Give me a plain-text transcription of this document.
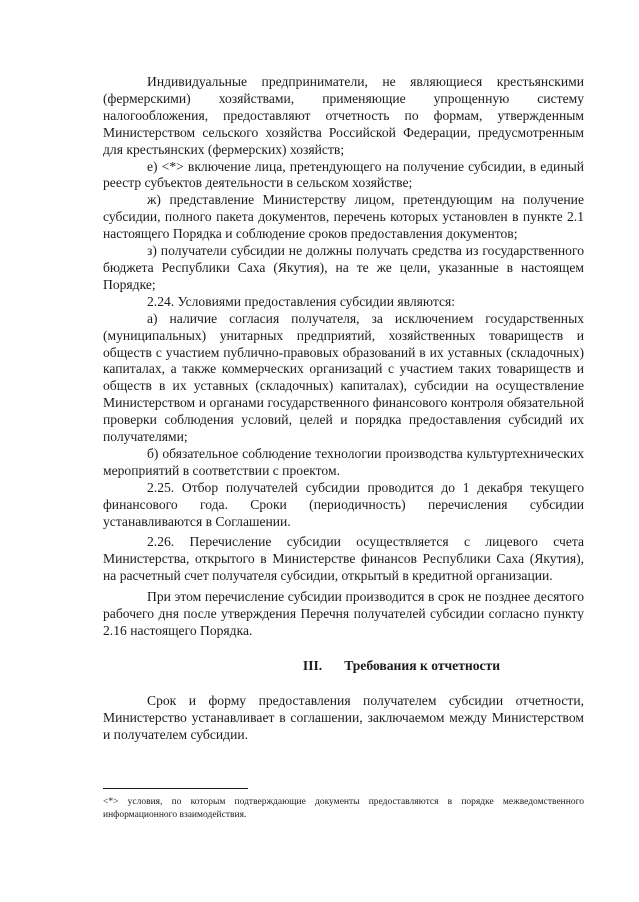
Индивидуальные предприниматели, не являющиеся крестьянскими (фермерскими) хозяйствами, применяющие упрощенную систему налогообложения, предоставляют отчетность по формам, утвержденным Министерством сельского хозяйства Российской Федерации, предусмотренным для крестьянских (фермерских) хозяйств;

е) <*> включение лица, претендующего на получение субсидии, в единый реестр субъектов деятельности в сельском хозяйстве;

ж) представление Министерству лицом, претендующим на получение субсидии, полного пакета документов, перечень которых установлен в пункте 2.1 настоящего Порядка и соблюдение сроков предоставления документов;

з) получатели субсидии не должны получать средства из государственного бюджета Республики Саха (Якутия), на те же цели, указанные в настоящем Порядке;

2.24. Условиями предоставления субсидии являются:

а) наличие согласия получателя, за исключением государственных (муниципальных) унитарных предприятий, хозяйственных товариществ и обществ с участием публично-правовых образований в их уставных (складочных) капиталах, а также коммерческих организаций с участием таких товариществ и обществ в их уставных (складочных) капиталах), субсидии на осуществление Министерством и органами государственного финансового контроля обязательной проверки соблюдения условий, целей и порядка предоставления субсидий их получателями;

б) обязательное соблюдение технологии производства культуртехнических мероприятий в соответствии с проектом.

2.25. Отбор получателей субсидии проводится до 1 декабря текущего финансового года. Сроки (периодичность) перечисления субсидии устанавливаются в Соглашении.

2.26. Перечисление субсидии осуществляется с лицевого счета Министерства, открытого в Министерстве финансов Республики Саха (Якутия), на расчетный счет получателя субсидии, открытый в кредитной организации.

При этом перечисление субсидии производится в срок не позднее десятого рабочего дня после утверждения Перечня получателей субсидии согласно пункту 2.16 настоящего Порядка.

III. Требования к отчетности

Срок и форму предоставления получателем субсидии отчетности, Министерство устанавливает в соглашении, заключаемом между Министерством и получателем субсидии.

<*> условия, по которым подтверждающие документы предоставляются в порядке межведомственного информационного взаимодействия.
